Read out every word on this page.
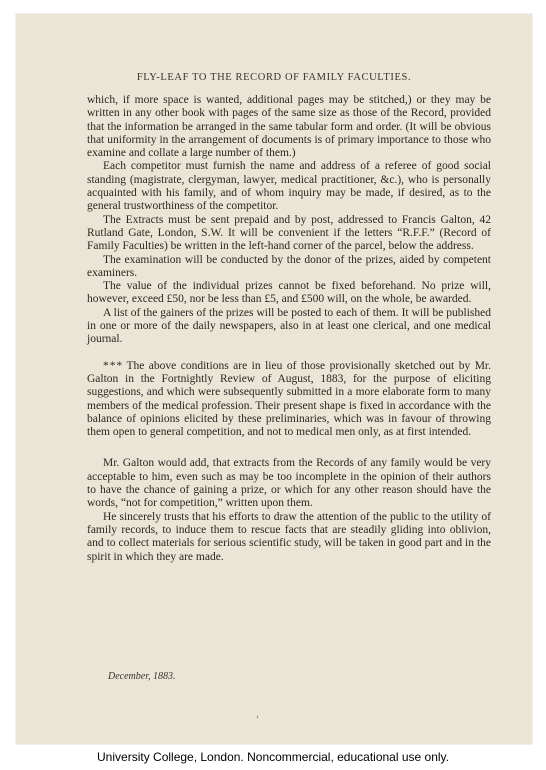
FLY-LEAF TO THE RECORD OF FAMILY FACULTIES.

which, if more space is wanted, additional pages may be stitched,) or they may be written in any other book with pages of the same size as those of the Record, provided that the information be arranged in the same tabular form and order. (It will be obvious that uniformity in the arrangement of documents is of primary importance to those who examine and collate a large number of them.)

Each competitor must furnish the name and address of a referee of good social standing (magistrate, clergyman, lawyer, medical practitioner, &c.), who is personally acquainted with his family, and of whom inquiry may be made, if desired, as to the general trustworthiness of the competitor.

The Extracts must be sent prepaid and by post, addressed to Francis Galton, 42 Rutland Gate, London, S.W. It will be convenient if the letters “R.F.F.” (Record of Family Faculties) be written in the left-hand corner of the parcel, below the address.

The examination will be conducted by the donor of the prizes, aided by competent examiners.

The value of the individual prizes cannot be fixed beforehand. No prize will, however, exceed £50, nor be less than £5, and £500 will, on the whole, be awarded.

A list of the gainers of the prizes will be posted to each of them. It will be published in one or more of the daily newspapers, also in at least one clerical, and one medical journal.

* * * The above conditions are in lieu of those provisionally sketched out by Mr. Galton in the Fortnightly Review of August, 1883, for the purpose of eliciting suggestions, and which were subsequently submitted in a more elaborate form to many members of the medical profession. Their present shape is fixed in accordance with the balance of opinions elicited by these preliminaries, which was in favour of throwing them open to general competition, and not to medical men only, as at first intended.

Mr. Galton would add, that extracts from the Records of any family would be very acceptable to him, even such as may be too incomplete in the opinion of their authors to have the chance of gaining a prize, or which for any other reason should have the words, “not for competition,” written upon them.

He sincerely trusts that his efforts to draw the attention of the public to the utility of family records, to induce them to rescue facts that are steadily gliding into oblivion, and to collect materials for serious scientific study, will be taken in good part and in the spirit in which they are made.

December, 1883.
‘
University College, London. Noncommercial, educational use only.
